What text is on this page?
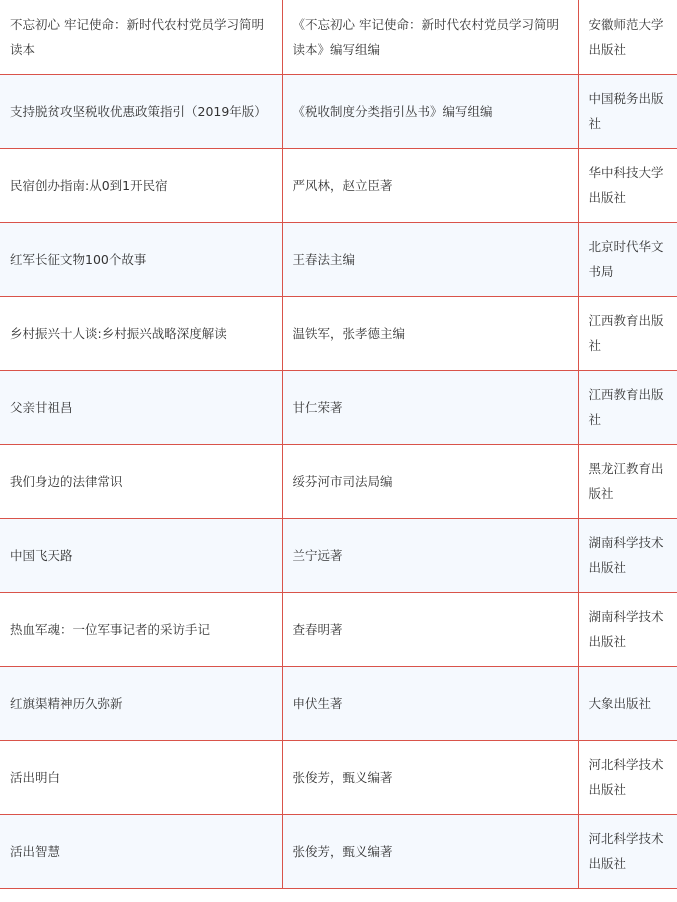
不忘初心 牢记使命：新时代农村党员学习简明读本	《不忘初心 牢记使命：新时代农村党员学习简明读本》编写组编	安徽师范大学出版社
支持脱贫攻坚税收优惠政策指引（2019年版）	《税收制度分类指引丛书》编写组编	中国税务出版社
民宿创办指南:从0到1开民宿	严风林，赵立臣著	华中科技大学出版社
红军长征文物100个故事	王春法主编	北京时代华文书局
乡村振兴十人谈:乡村振兴战略深度解读	温铁军，张孝德主编	江西教育出版社
父亲甘祖昌	甘仁荣著	江西教育出版社
我们身边的法律常识	绥芬河市司法局编	黑龙江教育出版社
中国飞天路	兰宁远著	湖南科学技术出版社
热血军魂：一位军事记者的采访手记	查春明著	湖南科学技术出版社
红旗渠精神历久弥新	申伏生著	大象出版社
活出明白	张俊芳，甄义编著	河北科学技术出版社
活出智慧	张俊芳，甄义编著	河北科学技术出版社
